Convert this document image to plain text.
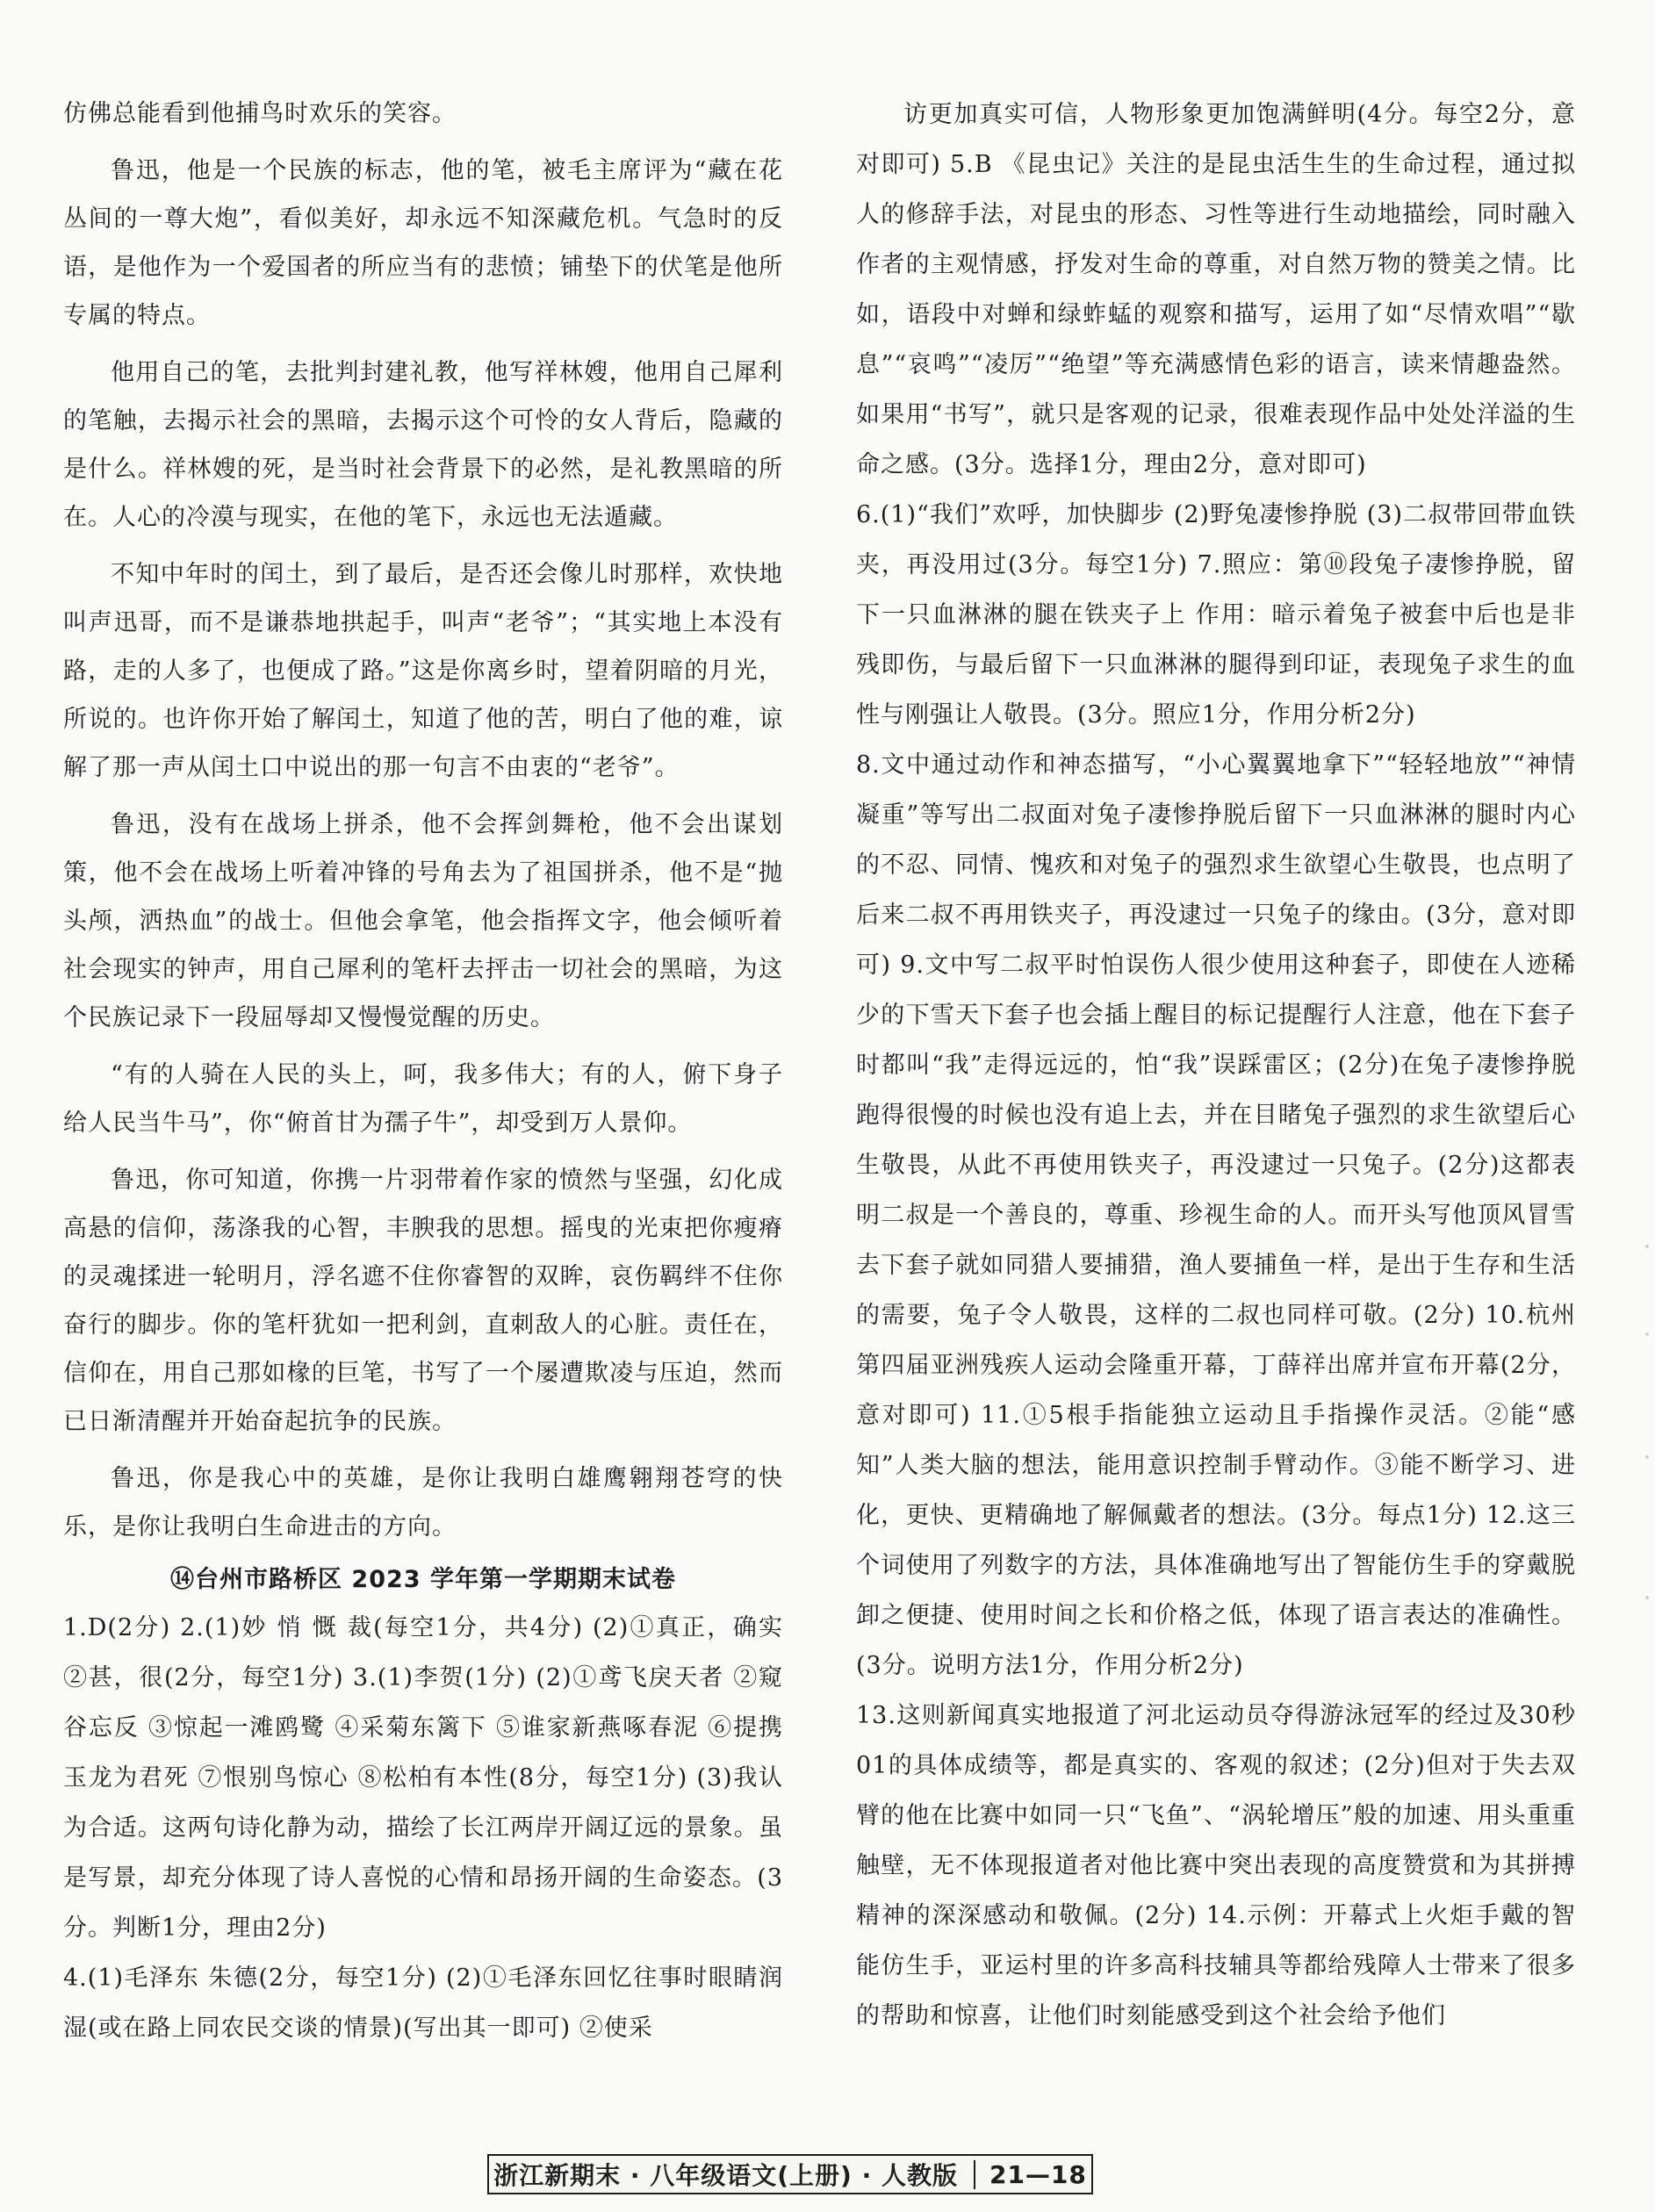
仿佛总能看到他捕鸟时欢乐的笑容。

鲁迅，他是一个民族的标志，他的笔，被毛主席评为“藏在花丛间的一尊大炮”，看似美好，却永远不知深藏危机。气急时的反语，是他作为一个爱国者的所应当有的悲愤；铺垫下的伏笔是他所专属的特点。

他用自己的笔，去批判封建礼教，他写祥林嫂，他用自己犀利的笔触，去揭示社会的黑暗，去揭示这个可怜的女人背后，隐藏的是什么。祥林嫂的死，是当时社会背景下的必然，是礼教黑暗的所在。人心的冷漠与现实，在他的笔下，永远也无法遁藏。

不知中年时的闰土，到了最后，是否还会像儿时那样，欢快地叫声迅哥，而不是谦恭地拱起手，叫声“老爷”；“其实地上本没有路，走的人多了，也便成了路。”这是你离乡时，望着阴暗的月光，所说的。也许你开始了解闰土，知道了他的苦，明白了他的难，谅解了那一声从闰土口中说出的那一句言不由衷的“老爷”。

鲁迅，没有在战场上拼杀，他不会挥剑舞枪，他不会出谋划策，他不会在战场上听着冲锋的号角去为了祖国拼杀，他不是“抛头颅，洒热血”的战士。但他会拿笔，他会指挥文字，他会倾听着社会现实的钟声，用自己犀利的笔杆去抨击一切社会的黑暗，为这个民族记录下一段屈辱却又慢慢觉醒的历史。

“有的人骑在人民的头上，呵，我多伟大；有的人，俯下身子给人民当牛马”，你“俯首甘为孺子牛”，却受到万人景仰。

鲁迅，你可知道，你携一片羽带着作家的愤然与坚强，幻化成高悬的信仰，荡涤我的心智，丰腴我的思想。摇曳的光束把你瘦瘠的灵魂揉进一轮明月，浮名遮不住你睿智的双眸，哀伤羁绊不住你奋行的脚步。你的笔杆犹如一把利剑，直刺敌人的心脏。责任在，信仰在，用自己那如椽的巨笔，书写了一个屡遭欺凌与压迫，然而已日渐清醒并开始奋起抗争的民族。

鲁迅，你是我心中的英雄，是你让我明白雄鹰翱翔苍穹的快乐，是你让我明白生命进击的方向。

⑭台州市路桥区 2023 学年第一学期期末试卷

1.D(2分) 2.(1)妙 悄 慨 裁(每空1分，共4分) (2)①真正，确实 ②甚，很(2分，每空1分) 3.(1)李贺(1分) (2)①鸢飞戾天者 ②窥谷忘反 ③惊起一滩鸥鹭 ④采菊东篱下 ⑤谁家新燕啄春泥 ⑥提携玉龙为君死 ⑦恨别鸟惊心 ⑧松柏有本性(8分，每空1分) (3)我认为合适。这两句诗化静为动，描绘了长江两岸开阔辽远的景象。虽是写景，却充分体现了诗人喜悦的心情和昂扬开阔的生命姿态。(3分。判断1分，理由2分)

4.(1)毛泽东 朱德(2分，每空1分) (2)①毛泽东回忆往事时眼睛润湿(或在路上同农民交谈的情景)(写出其一即可) ②使采

访更加真实可信，人物形象更加饱满鲜明(4分。每空2分，意对即可) 5.B 《昆虫记》关注的是昆虫活生生的生命过程，通过拟人的修辞手法，对昆虫的形态、习性等进行生动地描绘，同时融入作者的主观情感，抒发对生命的尊重，对自然万物的赞美之情。比如，语段中对蝉和绿蚱蜢的观察和描写，运用了如“尽情欢唱”“歇息”“哀鸣”“凌厉”“绝望”等充满感情色彩的语言，读来情趣盎然。如果用“书写”，就只是客观的记录，很难表现作品中处处洋溢的生命之感。(3分。选择1分，理由2分，意对即可)

6.(1)“我们”欢呼，加快脚步 (2)野兔凄惨挣脱 (3)二叔带回带血铁夹，再没用过(3分。每空1分) 7.照应：第⑩段兔子凄惨挣脱，留下一只血淋淋的腿在铁夹子上 作用：暗示着兔子被套中后也是非残即伤，与最后留下一只血淋淋的腿得到印证，表现兔子求生的血性与刚强让人敬畏。(3分。照应1分，作用分析2分)

8.文中通过动作和神态描写，“小心翼翼地拿下”“轻轻地放”“神情凝重”等写出二叔面对兔子凄惨挣脱后留下一只血淋淋的腿时内心的不忍、同情、愧疚和对兔子的强烈求生欲望心生敬畏，也点明了后来二叔不再用铁夹子，再没逮过一只兔子的缘由。(3分，意对即可) 9.文中写二叔平时怕误伤人很少使用这种套子，即使在人迹稀少的下雪天下套子也会插上醒目的标记提醒行人注意，他在下套子时都叫“我”走得远远的，怕“我”误踩雷区；(2分)在兔子凄惨挣脱跑得很慢的时候也没有追上去，并在目睹兔子强烈的求生欲望后心生敬畏，从此不再使用铁夹子，再没逮过一只兔子。(2分)这都表明二叔是一个善良的，尊重、珍视生命的人。而开头写他顶风冒雪去下套子就如同猎人要捕猎，渔人要捕鱼一样，是出于生存和生活的需要，兔子令人敬畏，这样的二叔也同样可敬。(2分) 10.杭州第四届亚洲残疾人运动会隆重开幕，丁薛祥出席并宣布开幕(2分，意对即可) 11.①5根手指能独立运动且手指操作灵活。②能“感知”人类大脑的想法，能用意识控制手臂动作。③能不断学习、进化，更快、更精确地了解佩戴者的想法。(3分。每点1分) 12.这三个词使用了列数字的方法，具体准确地写出了智能仿生手的穿戴脱卸之便捷、使用时间之长和价格之低，体现了语言表达的准确性。(3分。说明方法1分，作用分析2分)

13.这则新闻真实地报道了河北运动员夺得游泳冠军的经过及30秒01的具体成绩等，都是真实的、客观的叙述；(2分)但对于失去双臂的他在比赛中如同一只“飞鱼”、“涡轮增压”般的加速、用头重重触壁，无不体现报道者对他比赛中突出表现的高度赞赏和为其拼搏精神的深深感动和敬佩。(2分) 14.示例：开幕式上火炬手戴的智能仿生手，亚运村里的许多高科技辅具等都给残障人士带来了很多的帮助和惊喜，让他们时刻能感受到这个社会给予他们

浙江新期末 · 八年级语文(上册) · 人教版	21—18
